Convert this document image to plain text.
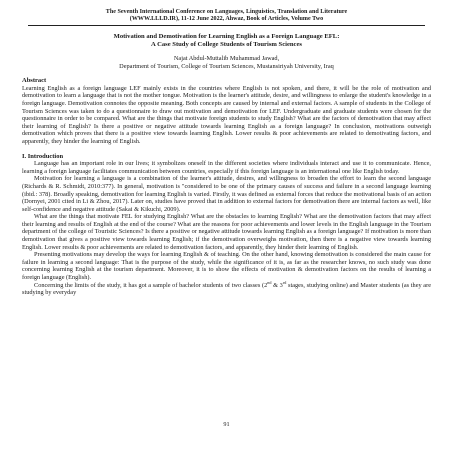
The Seventh International Conference on Languages, Linguistics, Translation and Literature
(WWW.LLLD.IR), 11-12 June 2022, Ahwaz, Book of Articles, Volume Two
Motivation and Demotivation for Learning English as a Foreign Language EFL:
A Case Study of College Students of Tourism Sciences
Najat Abdul-Muttalib Muhammad Jawad,
Department of Tourism, College of Tourism Sciences, Mustansiriyah University, Iraq
Abstract

Learning English as a foreign language LEF mainly exists in the countries where English is not spoken, and there, it will be the role of motivation and demotivation to learn a language that is not the mother tongue. Motivation is the learner's attitude, desire, and willingness to enlarge the student's knowledge in a foreign language. Demotivation connotes the opposite meaning. Both concepts are caused by internal and external factors. A sample of students in the College of Tourism Sciences was taken to do a questionnaire to draw out motivation and demotivation for LEF. Undergraduate and graduate students were chosen for the questionnaire in order to be compared. What are the things that motivate foreign students to study English? What are the factors of demotivation that may affect their learning of English? Is there a positive or negative attitude towards learning English as a foreign language? In conclusion, motivations outweigh demotivation which proves that there is a positive view towards learning English. Lower results & poor achievements are related to demotivating factors, and apparently, they hinder the learning of English.

I. Introduction

Language has an important role in our lives; it symbolizes oneself in the different societies where individuals interact and use it to communicate. Hence, learning a foreign language facilitates communication between countries, especially if this foreign language is an international one like English today.

Motivation for learning a language is a combination of the learner's attitude, desires, and willingness to broaden the effort to learn the second language (Richards & R. Schmidt, 2010:377). In general, motivation is "considered to be one of the primary causes of success and failure in a second language learning (ibid.: 378). Broadly speaking, demotivation for learning English is varied. Firstly, it was defined as external forces that reduce the motivational basis of an action (Dornyei, 2001 cited in Li & Zhou, 2017). Later on, studies have proved that in addition to external factors for demotivation there are internal factors as well, like self-confidence and negative attitude (Sakai & Kikuchi, 2009).

What are the things that motivate FEL for studying English? What are the obstacles to learning English? What are the demotivation factors that may affect their learning and results of English at the end of the course? What are the reasons for poor achievements and lower levels in the English language in the Tourism department of the college of Touristic Sciences? Is there a positive or negative attitude towards learning English as a foreign language? If motivation is more than demotivation that gives a positive view towards learning English; if the demotivation overweighs motivation, then there is a negative view towards learning English. Lower results & poor achievements are related to demotivation factors, and apparently, they hinder their learning of English.

Presenting motivations may develop the ways for learning English & of teaching. On the other hand, knowing demotivation is considered the main cause for failure in learning a second language: That is the purpose of the study, while the significance of it is, as far as the researcher knows, no such study was done concerning learning English at the tourism department. Moreover, it is to show the effects of motivation & demotivation factors on the results of learning a foreign language (English).

Concerning the limits of the study, it has got a sample of bachelor students of two classes (2nd & 3rd stages, studying online) and Master students (as they are studying by everyday

91
